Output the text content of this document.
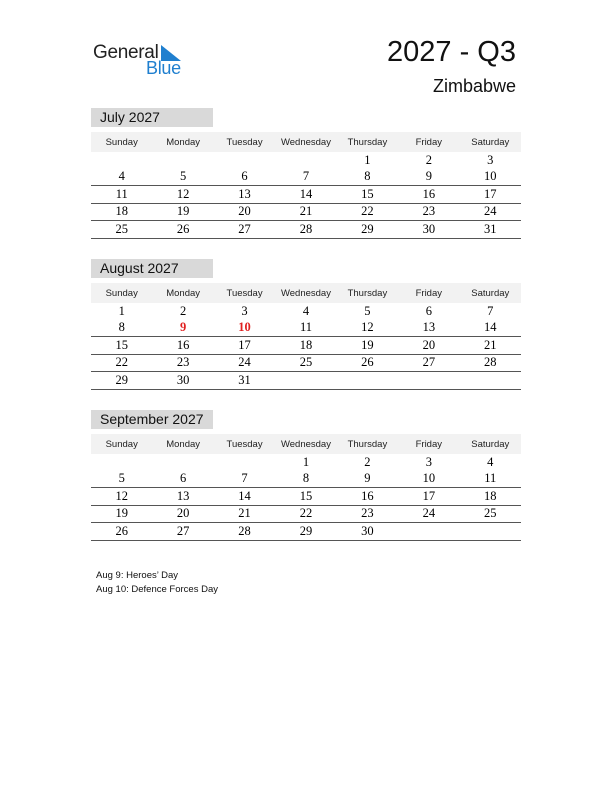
General
Blue	2027 - Q3
Zimbabwe
July 2027
Sunday	Monday	Tuesday	Wednesday	Thursday	Friday	Saturday
				1	2	3
4	5	6	7	8	9	10
11	12	13	14	15	16	17
18	19	20	21	22	23	24
25	26	27	28	29	30	31
August 2027
Sunday	Monday	Tuesday	Wednesday	Thursday	Friday	Saturday
1	2	3	4	5	6	7
8	9	10	11	12	13	14
15	16	17	18	19	20	21
22	23	24	25	26	27	28
29	30	31				
September 2027
Sunday	Monday	Tuesday	Wednesday	Thursday	Friday	Saturday
			1	2	3	4
5	6	7	8	9	10	11
12	13	14	15	16	17	18
19	20	21	22	23	24	25
26	27	28	29	30		
Aug 9: Heroes’ Day
Aug 10: Defence Forces Day
